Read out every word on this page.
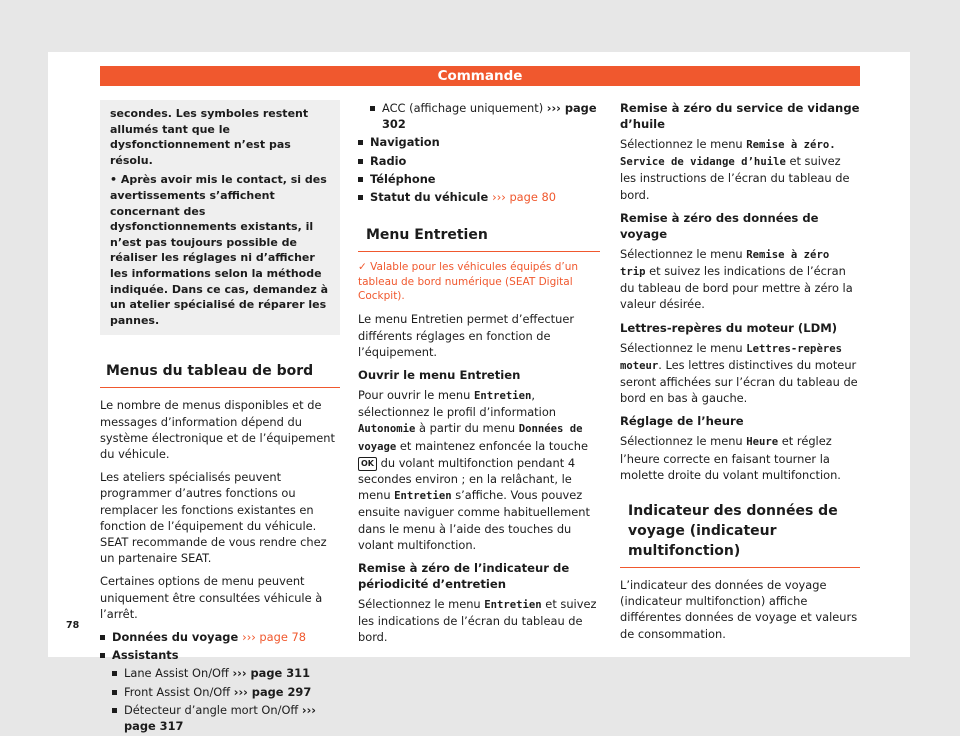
Commande

secondes. Les symboles restent allumés tant que le dysfonctionnement n’est pas résolu.

• Après avoir mis le contact, si des avertissements s’affichent concernant des dysfonctionnements existants, il n’est pas toujours possible de réaliser les réglages ni d’afficher les informations selon la méthode indiquée. Dans ce cas, demandez à un atelier spécialisé de réparer les pannes.

Menus du tableau de bord

Le nombre de menus disponibles et de messages d’information dépend du système électronique et de l’équipement du véhicule.

Les ateliers spécialisés peuvent programmer d’autres fonctions ou remplacer les fonctions existantes en fonction de l’équipement du véhicule. SEAT recommande de vous rendre chez un partenaire SEAT.

Certaines options de menu peuvent uniquement être consultées véhicule à l’arrêt.

Données du voyage ››› page 78
Assistants
Lane Assist On/Off ››› page 311
Front Assist On/Off ››› page 297
Détecteur d’angle mort On/Off ››› page 317
ACC (affichage uniquement) ››› page 302
Navigation
Radio
Téléphone
Statut du véhicule ››› page 80
Menu Entretien

✓ Valable pour les véhicules équipés d’un tableau de bord numérique (SEAT Digital Cockpit).

Le menu Entretien permet d’effectuer différents réglages en fonction de l’équipement.

Ouvrir le menu Entretien

Pour ouvrir le menu Entretien, sélectionnez le profil d’information Autonomie à partir du menu Données de voyage et maintenez enfoncée la touche OK du volant multifonction pendant 4 secondes environ ; en la relâchant, le menu Entretien s’affiche. Vous pouvez ensuite naviguer comme habituellement dans le menu à l’aide des touches du volant multifonction.

Remise à zéro de l’indicateur de périodicité d’entretien

Sélectionnez le menu Entretien et suivez les indications de l’écran du tableau de bord.

Remise à zéro du service de vidange d’huile

Sélectionnez le menu Remise à zéro. Service de vidange d’huile et suivez les instructions de l’écran du tableau de bord.

Remise à zéro des données de voyage

Sélectionnez le menu Remise à zéro trip et suivez les indications de l’écran du tableau de bord pour mettre à zéro la valeur désirée.

Lettres-repères du moteur (LDM)

Sélectionnez le menu Lettres-repères moteur. Les lettres distinctives du moteur seront affichées sur l’écran du tableau de bord en bas à gauche.

Réglage de l’heure

Sélectionnez le menu Heure et réglez l’heure correcte en faisant tourner la molette droite du volant multifonction.

Indicateur des données de voyage (indicateur multifonction)

L’indicateur des données de voyage (indicateur multifonction) affiche différentes données de voyage et valeurs de consommation.

78
